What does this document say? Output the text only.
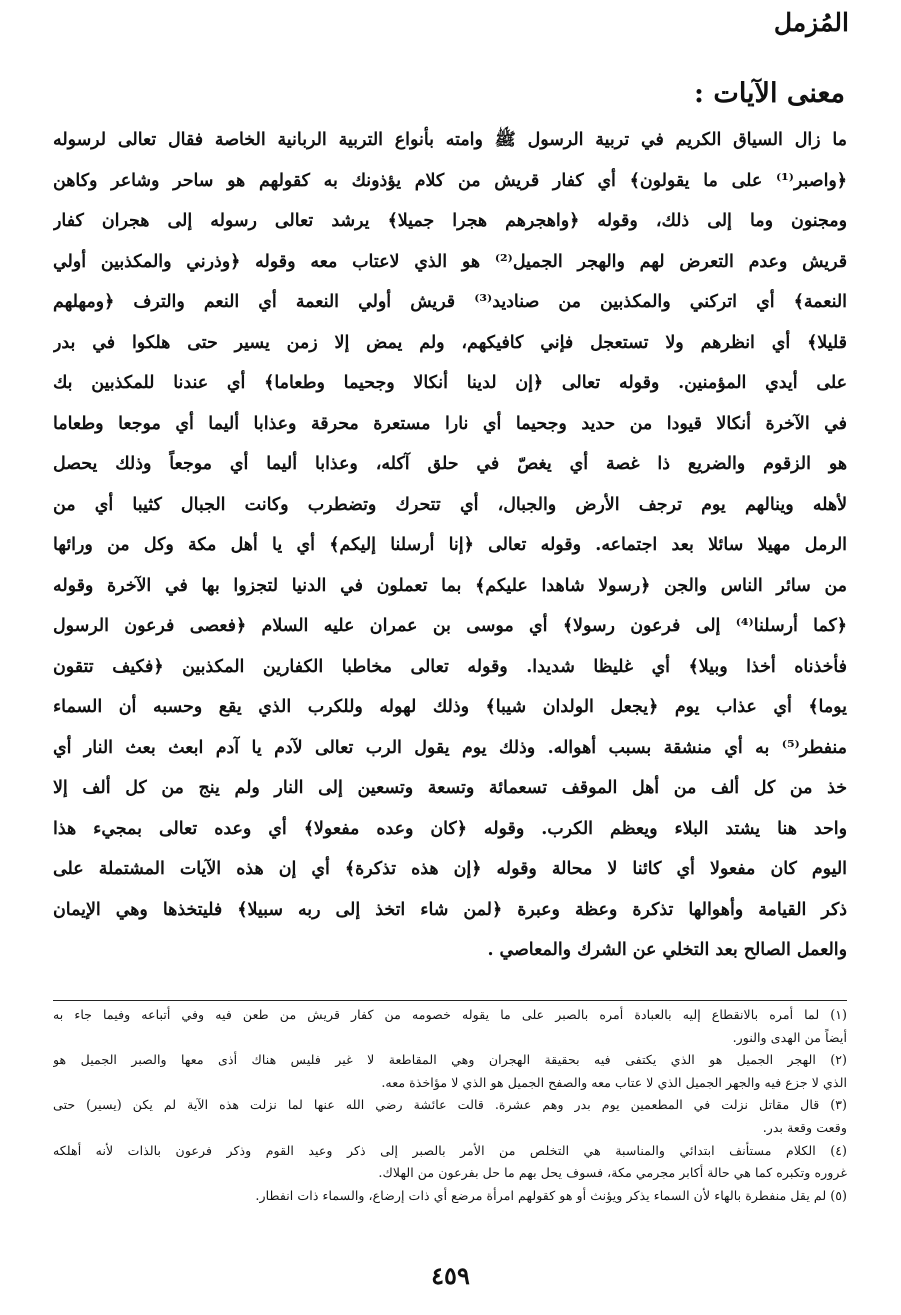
المُزمل
معنى الآيات :
ما زال السياق الكريم في تربية الرسول ﷺ وامته بأنواع التربية الربانية الخاصة فقال تعالى لرسوله
﴿واصبر⁽¹⁾ على ما يقولون﴾ أي كفار قريش من كلام يؤذونك به كقولهم هو ساحر وشاعر وكاهن
ومجنون وما إلى ذلك، وقوله ﴿واهجرهم هجرا جميلا﴾ يرشد تعالى رسوله إلى هجران كفار
قريش وعدم التعرض لهم والهجر الجميل⁽²⁾ هو الذي لاعتاب معه وقوله ﴿وذرني والمكذبين أولي
النعمة﴾ أي اتركني والمكذبين من صناديد⁽³⁾ قريش أولي النعمة أي النعم والترف ﴿ومهلهم
قليلا﴾ أي انظرهم ولا تستعجل فإني كافيكهم، ولم يمض إلا زمن يسير حتى هلكوا في بدر
على أيدي المؤمنين. وقوله تعالى ﴿إن لدينا أنكالا وجحيما وطعاما﴾ أي عندنا للمكذبين بك
في الآخرة أنكالا قيودا من حديد وجحيما أي نارا مستعرة محرقة وعذابا أليما أي موجعا وطعاما
هو الزقوم والضريع ذا غصة أي يغصّ في حلق آكله، وعذابا أليما أي موجعاً وذلك يحصل
لأهله وينالهم يوم ترجف الأرض والجبال، أي تتحرك وتضطرب وكانت الجبال كثيبا أي من
الرمل مهيلا سائلا بعد اجتماعه. وقوله تعالى ﴿إنا أرسلنا إليكم﴾ أي يا أهل مكة وكل من ورائها
من سائر الناس والجن ﴿رسولا شاهدا عليكم﴾ بما تعملون في الدنيا لتجزوا بها في الآخرة وقوله
﴿كما أرسلنا⁽⁴⁾ إلى فرعون رسولا﴾ أي موسى بن عمران عليه السلام ﴿فعصى فرعون الرسول
فأخذناه أخذا وبيلا﴾ أي غليظا شديدا. وقوله تعالى مخاطبا الكفارين المكذبين ﴿فكيف تتقون
يوما﴾ أي عذاب يوم ﴿يجعل الولدان شيبا﴾ وذلك لهوله وللكرب الذي يقع وحسبه أن السماء
منفطر⁽⁵⁾ به أي منشقة بسبب أهواله. وذلك يوم يقول الرب تعالى لآدم يا آدم ابعث بعث النار أي
خذ من كل ألف من أهل الموقف تسعمائة وتسعة وتسعين إلى النار ولم ينج من كل ألف إلا
واحد هنا يشتد البلاء ويعظم الكرب. وقوله ﴿كان وعده مفعولا﴾ أي وعده تعالى بمجيء هذا
اليوم كان مفعولا أي كائنا لا محالة وقوله ﴿إن هذه تذكرة﴾ أي إن هذه الآيات المشتملة على
ذكر القيامة وأهوالها تذكرة وعظة وعبرة ﴿لمن شاء اتخذ إلى ربه سبيلا﴾ فليتخذها وهي الإيمان
والعمل الصالح بعد التخلي عن الشرك والمعاصي .
(١) لما أمره بالانقطاع إليه بالعبادة أمره بالصبر على ما يقوله خصومه من كفار قريش من طعن فيه وفي أتباعه وفيما جاء به
أيضاً من الهدى والنور.
(٢) الهجر الجميل هو الذي يكتفى فيه بحقيقة الهجران وهي المقاطعة لا غير فليس هناك أذى معها والصبر الجميل هو
الذي لا جزع فيه والجهر الجميل الذي لا عتاب معه والصفح الجميل هو الذي لا مؤاخذة معه.
(٣) قال مقاتل نزلت في المطعمين يوم بدر وهم عشرة. قالت عائشة رضي الله عنها لما نزلت هذه الآية لم يكن (يسير) حتى
وقعت وقعة بدر.
(٤) الكلام مستأنف ابتدائي والمناسبة هي التخلص من الأمر بالصبر إلى ذكر وعيد القوم وذكر فرعون بالذات لأنه أهلكه
غروره وتكبره كما هي حالة أكابر مجرمي مكة، فسوف يحل بهم ما حل بفرعون من الهلاك.
(٥) لم يقل منفطرة بالهاء لأن السماء يذكر ويؤنث أو هو كقولهم امرأة مرضع أي ذات إرضاع، والسماء ذات انفطار.
٤٥٩
